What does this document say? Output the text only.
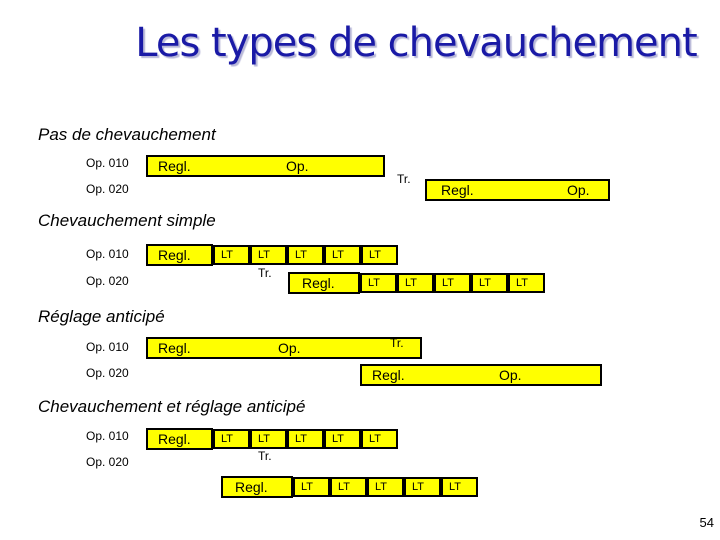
Les types de chevauchement
Pas de chevauchement
Op. 010 Regl.	Op.
Tr.
Op. 020	Regl.	Op.
Chevauchement simple
Op. 010 Regl.	LT	LT	LT	LT	LT
Tr.
Op. 020	Regl.	LT	LT	LT	LT	LT
Réglage anticipé
Op. 010 Regl.	Op.	Tr.
Op. 020	Regl.	Op.
Chevauchement et réglage anticipé
Op. 010 Regl.	LT	LT	LT	LT	LT
Tr.
Op. 020
Regl.	LT	LT	LT	LT	LT
54
